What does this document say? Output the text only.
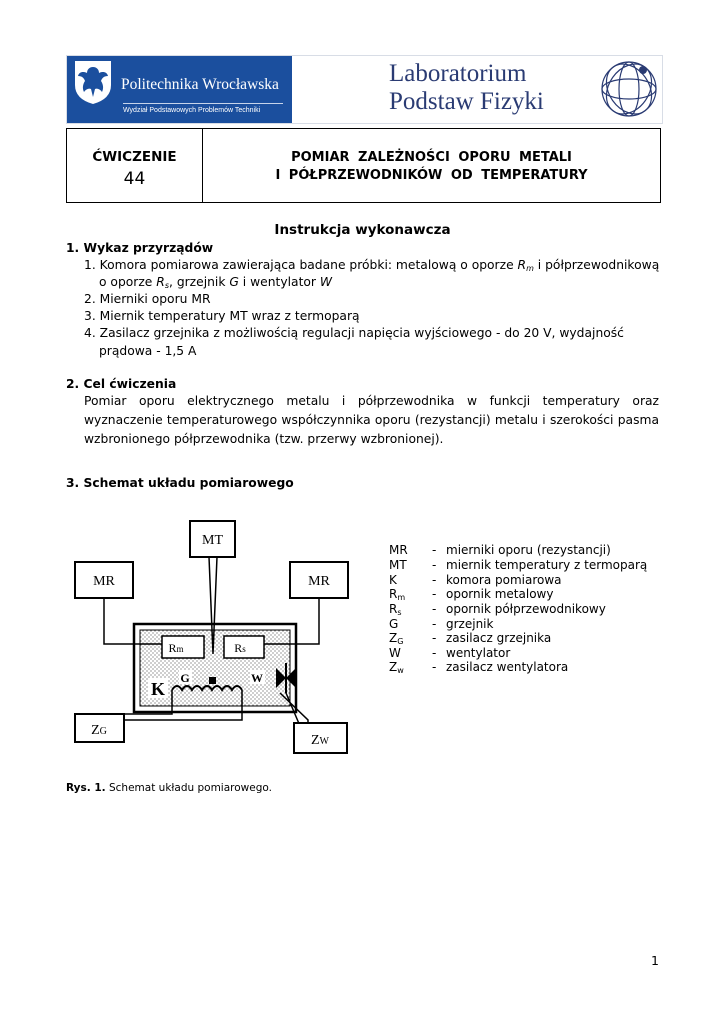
Politechnika Wrocławska
Wydział Podstawowych Problemów Techniki
Laboratorium
Podstaw Fizyki
ĆWICZENIE
44
POMIAR ZALEŻNOŚCI OPORU METALI
I PÓŁPRZEWODNIKÓW OD TEMPERATURY
Instrukcja wykonawcza
1. Wykaz przyrządów
1. Komora pomiarowa zawierająca badane próbki: metalową o oporze $R_m$ i półprzewodnikową
o oporze $R_s$, grzejnik G i wentylator W
2. Mierniki oporu MR
3. Miernik temperatury MT wraz z termoparą
4. Zasilacz grzejnika z możliwością regulacji napięcia wyjściowego - do 20 V, wydajność
prądowa - 1,5 A
2. Cel ćwiczenia

Pomiar oporu elektrycznego metalu i półprzewodnika w funkcji temperatury oraz

wyznaczenie temperaturowego współczynnika oporu (rezystancji) metalu i szerokości pasma

wzbronionego półprzewodnika (tzw. przerwy wzbronionej).

3. Schemat układu pomiarowego
MT
MR	MR
Rm	Rs
G	W
K
ZG
ZW
MR - mierniki oporu (rezystancji)
MT - miernik temperatury z termoparą
K	- komora pomiarowa
$R_m$ - opornik metalowy
$R_s$	- opornik półprzewodnikowy
G	- grzejnik
$Z_G$ - zasilacz grzejnika
W	- wentylator
$Z_w$ - zasilacz wentylatora
Rys. 1. Schemat układu pomiarowego.
1
